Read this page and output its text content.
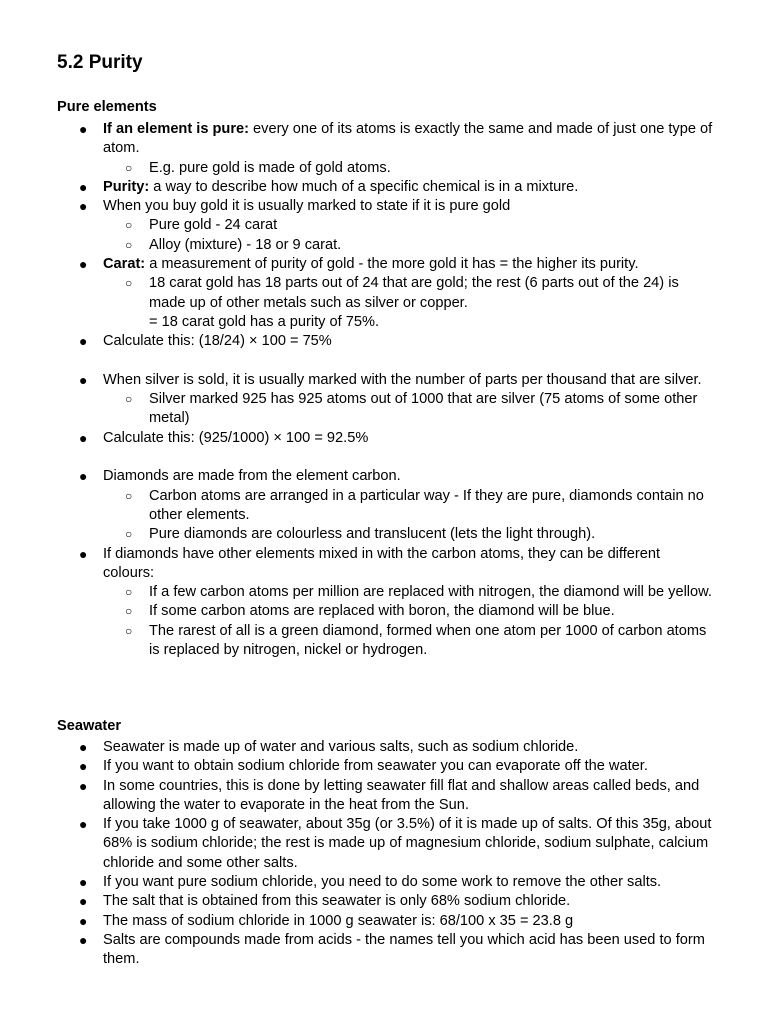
5.2 Purity
Pure elements
● If an element is pure: every one of its atoms is exactly the same and made of just one type of atom.
○ E.g. pure gold is made of gold atoms.
● Purity: a way to describe how much of a specific chemical is in a mixture.
● When you buy gold it is usually marked to state if it is pure gold
○ Pure gold - 24 carat
○ Alloy (mixture) - 18 or 9 carat.
● Carat: a measurement of purity of gold - the more gold it has = the higher its purity.
○ 18 carat gold has 18 parts out of 24 that are gold; the rest (6 parts out of the 24) is made up of other metals such as silver or copper.
= 18 carat gold has a purity of 75%.
● Calculate this: (18/24) × 100 = 75%
● When silver is sold, it is usually marked with the number of parts per thousand that are silver.
○ Silver marked 925 has 925 atoms out of 1000 that are silver (75 atoms of some other metal)
● Calculate this: (925/1000) × 100 = 92.5%
● Diamonds are made from the element carbon.
○ Carbon atoms are arranged in a particular way - If they are pure, diamonds contain no other elements.
○ Pure diamonds are colourless and translucent (lets the light through).
● If diamonds have other elements mixed in with the carbon atoms, they can be different colours:
○ If a few carbon atoms per million are replaced with nitrogen, the diamond will be yellow.
○ If some carbon atoms are replaced with boron, the diamond will be blue.
○ The rarest of all is a green diamond, formed when one atom per 1000 of carbon atoms is replaced by nitrogen, nickel or hydrogen.
Seawater
● Seawater is made up of water and various salts, such as sodium chloride.
● If you want to obtain sodium chloride from seawater you can evaporate off the water.
● In some countries, this is done by letting seawater fill flat and shallow areas called beds, and allowing the water to evaporate in the heat from the Sun.
● If you take 1000 g of seawater, about 35g (or 3.5%) of it is made up of salts. Of this 35g, about 68% is sodium chloride; the rest is made up of magnesium chloride, sodium sulphate, calcium chloride and some other salts.
● If you want pure sodium chloride, you need to do some work to remove the other salts.
● The salt that is obtained from this seawater is only 68% sodium chloride.
● The mass of sodium chloride in 1000 g seawater is: 68/100 x 35 = 23.8 g
● Salts are compounds made from acids - the names tell you which acid has been used to form them.
